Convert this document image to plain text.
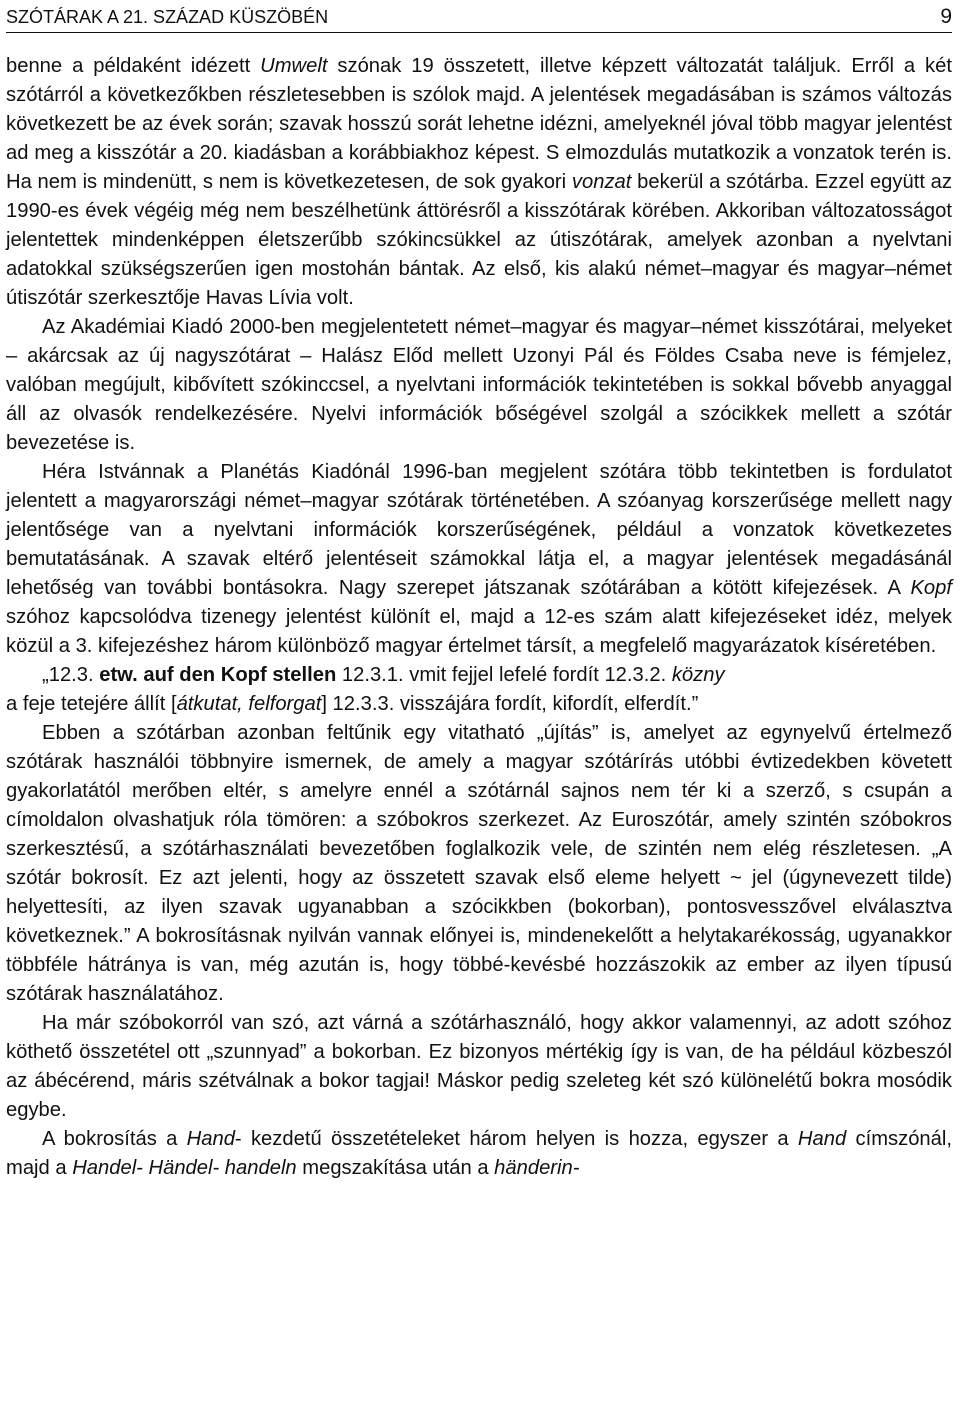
SZÓTÁRAK A 21. SZÁZAD KÜSZÖBÉN	9

benne a példaként idézett Umwelt szónak 19 összetett, illetve képzett változatát találjuk. Erről a két szótárról a következőkben részletesebben is szólok majd. A jelentések megadásában is számos változás következett be az évek során; szavak hosszú sorát lehetne idézni, amelyeknél jóval több magyar jelentést ad meg a kisszótár a 20. kiadásban a korábbiakhoz képest. S elmozdulás mutatkozik a vonzatok terén is. Ha nem is mindenütt, s nem is következetesen, de sok gyakori vonzat bekerül a szótárba. Ezzel együtt az 1990-es évek végéig még nem beszélhetünk áttörésről a kisszótárak körében. Akkoriban változatosságot jelentettek mindenképpen életszerűbb szókincsükkel az útiszótárak, amelyek azonban a nyelvtani adatokkal szükségszerűen igen mostohán bántak. Az első, kis alakú német–magyar és magyar–német útiszótár szerkesztője Havas Lívia volt.

Az Akadémiai Kiadó 2000-ben megjelentetett német–magyar és magyar–német kisszótárai, melyeket – akárcsak az új nagyszótárat – Halász Előd mellett Uzonyi Pál és Földes Csaba neve is fémjelez, valóban megújult, kibővített szókinccsel, a nyelvtani információk tekintetében is sokkal bővebb anyaggal áll az olvasók rendelkezésére. Nyelvi információk bőségével szolgál a szócikkek mellett a szótár bevezetése is.

Héra Istvánnak a Planétás Kiadónál 1996-ban megjelent szótára több tekintetben is fordulatot jelentett a magyarországi német–magyar szótárak történetében. A szóanyag korszerűsége mellett nagy jelentősége van a nyelvtani információk korszerűségének, például a vonzatok következetes bemutatásának. A szavak eltérő jelentéseit számokkal látja el, a magyar jelentések megadásánál lehetőség van további bontásokra. Nagy szerepet játszanak szótárában a kötött kifejezések. A Kopf szóhoz kapcsolódva tizenegy jelentést különít el, majd a 12-es szám alatt kifejezéseket idéz, melyek közül a 3. kifejezéshez három különböző magyar értelmet társít, a megfelelő magyarázatok kíséretében.

„12.3. etw. auf den Kopf stellen 12.3.1. vmit fejjel lefelé fordít 12.3.2. közny

a feje tetejére állít [átkutat, felforgat] 12.3.3. visszájára fordít, kifordít, elferdít.”

Ebben a szótárban azonban feltűnik egy vitatható „újítás” is, amelyet az egynyelvű értelmező szótárak használói többnyire ismernek, de amely a magyar szótárírás utóbbi évtizedekben követett gyakorlatától merőben eltér, s amelyre ennél a szótárnál sajnos nem tér ki a szerző, s csupán a címoldalon olvashatjuk róla tömören: a szóbokros szerkezet. Az Euroszótár, amely szintén szóbokros szerkesztésű, a szótárhasználati bevezetőben foglalkozik vele, de szintén nem elég részletesen. „A szótár bokrosít. Ez azt jelenti, hogy az összetett szavak első eleme helyett ~ jel (úgynevezett tilde) helyettesíti, az ilyen szavak ugyanabban a szócikkben (bokorban), pontosvesszővel elválasztva következnek.” A bokrosításnak nyilván vannak előnyei is, mindenekelőtt a helytakarékosság, ugyanakkor többféle hátránya is van, még azután is, hogy többé-kevésbé hozzászokik az ember az ilyen típusú szótárak használatához.

Ha már szóbokorról van szó, azt várná a szótárhasználó, hogy akkor valamennyi, az adott szóhoz köthető összetétel ott „szunnyad” a bokorban. Ez bizonyos mértékig így is van, de ha például közbeszól az ábécérend, máris szétválnak a bokor tagjai! Máskor pedig szeleteg két szó különelétű bokra mosódik egybe.

A bokrosítás a Hand- kezdetű összetételeket három helyen is hozza, egyszer a Hand címszónál, majd a Handel- Händel- handeln megszakítása után a händerin-
